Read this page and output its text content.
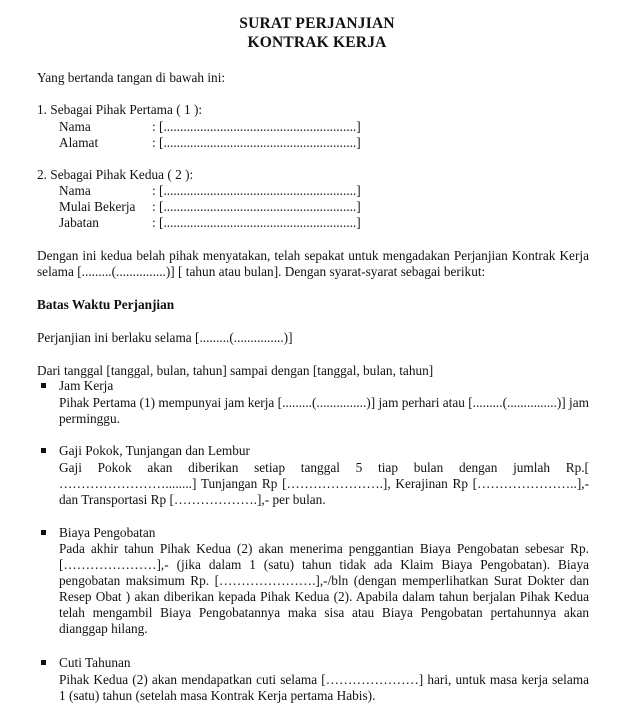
SURAT PERJANJIAN
KONTRAK KERJA
Yang bertanda tangan di bawah ini:
1. Sebagai Pihak Pertama ( 1 ):
Nama	: [..........................................................]
Alamat	: [..........................................................]
2. Sebagai Pihak Kedua ( 2 ):
Nama	: [..........................................................]
Mulai Bekerja : [..........................................................]
Jabatan	: [..........................................................]
Dengan ini kedua belah pihak menyatakan, telah sepakat untuk mengadakan Perjanjian Kontrak Kerja selama [.........(...............)] [ tahun atau bulan]. Dengan syarat-syarat sebagai berikut:
Batas Waktu Perjanjian
Perjanjian ini berlaku selama [.........(...............)]
Dari tanggal [tanggal, bulan, tahun] sampai dengan [tanggal, bulan, tahun]
Jam Kerja
Pihak Pertama (1) mempunyai jam kerja [.........(...............)] jam perhari atau [.........(...............)] jam perminggu.
Gaji Pokok, Tunjangan dan Lembur
Gaji Pokok akan diberikan setiap tanggal 5 tiap bulan dengan jumlah Rp.[ ……………………........] Tunjangan Rp [………………….], Kerajinan Rp […………………..],- dan Transportasi Rp [……………….],- per bulan.
Biaya Pengobatan
Pada akhir tahun Pihak Kedua (2) akan menerima penggantian Biaya Pengobatan sebesar Rp. […………………],- (jika dalam 1 (satu) tahun tidak ada Klaim Biaya Pengobatan). Biaya pengobatan maksimum Rp. [………………….],-/bln (dengan memperlihatkan Surat Dokter dan Resep Obat ) akan diberikan kepada Pihak Kedua (2). Apabila dalam tahun berjalan Pihak Kedua telah mengambil Biaya Pengobatannya maka sisa atau Biaya Pengobatan pertahunnya akan dianggap hilang.
Cuti Tahunan
Pihak Kedua (2) akan mendapatkan cuti selama […………………] hari, untuk masa kerja selama 1 (satu) tahun (setelah masa Kontrak Kerja pertama Habis).
